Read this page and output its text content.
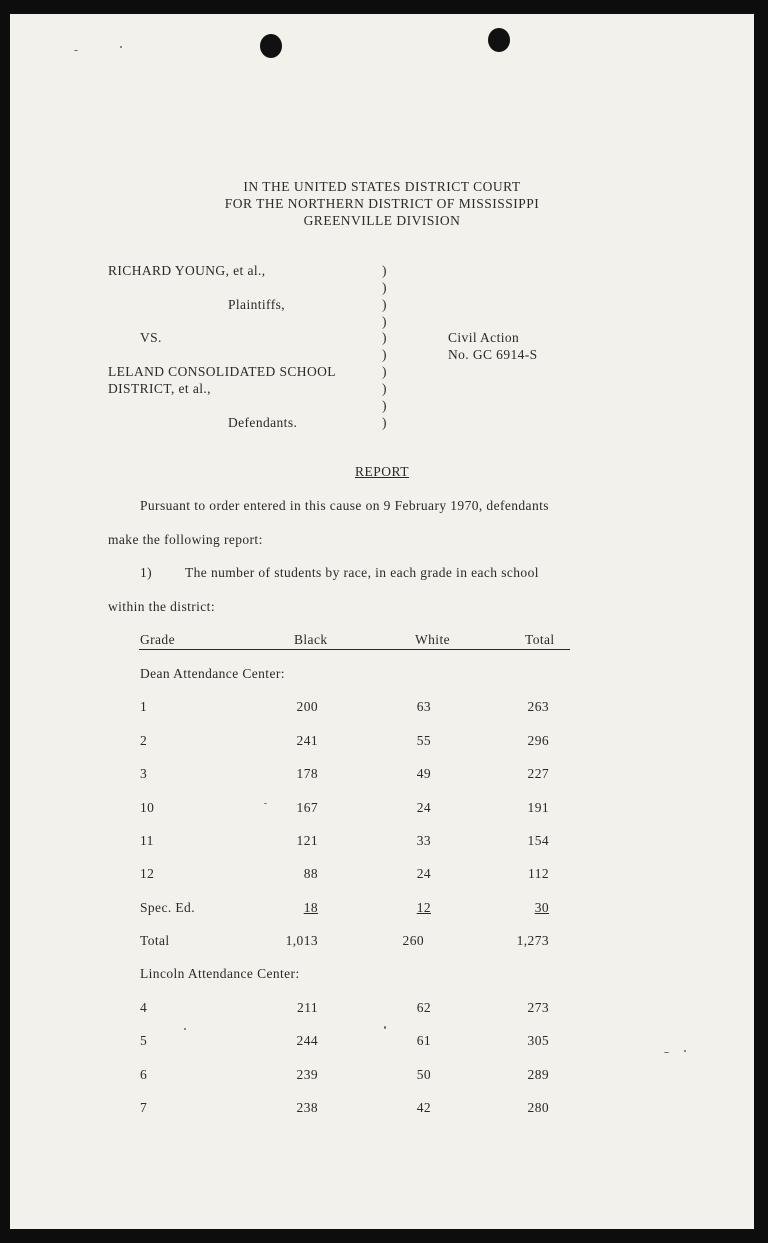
IN THE UNITED STATES DISTRICT COURT
FOR THE NORTHERN DISTRICT OF MISSISSIPPI
GREENVILLE DIVISION
RICHARD YOUNG, et al.,
Plaintiffs,
VS.
LELAND CONSOLIDATED SCHOOL
DISTRICT, et al.,
Defendants.
)
)
)
)
)
)
)
)
)
)
Civil Action
No. GC 6914-S
REPORT
Pursuant to order entered in this cause on 9 February 1970, defendants
make the following report:
1) The number of students by race, in each grade in each school
within the district:
Grade	Black	White	Total
Dean Attendance Center:
1	200	63	263
2	241	55	296
3	178	49	227
10	167	24	191
11	121	33	154
12	88	24	112
Spec. Ed.	18	12	30
Total	1,013	260	1,273
Lincoln Attendance Center:
4	211	62	273
5	244	61	305
6	239	50	289
7	238	42	280
